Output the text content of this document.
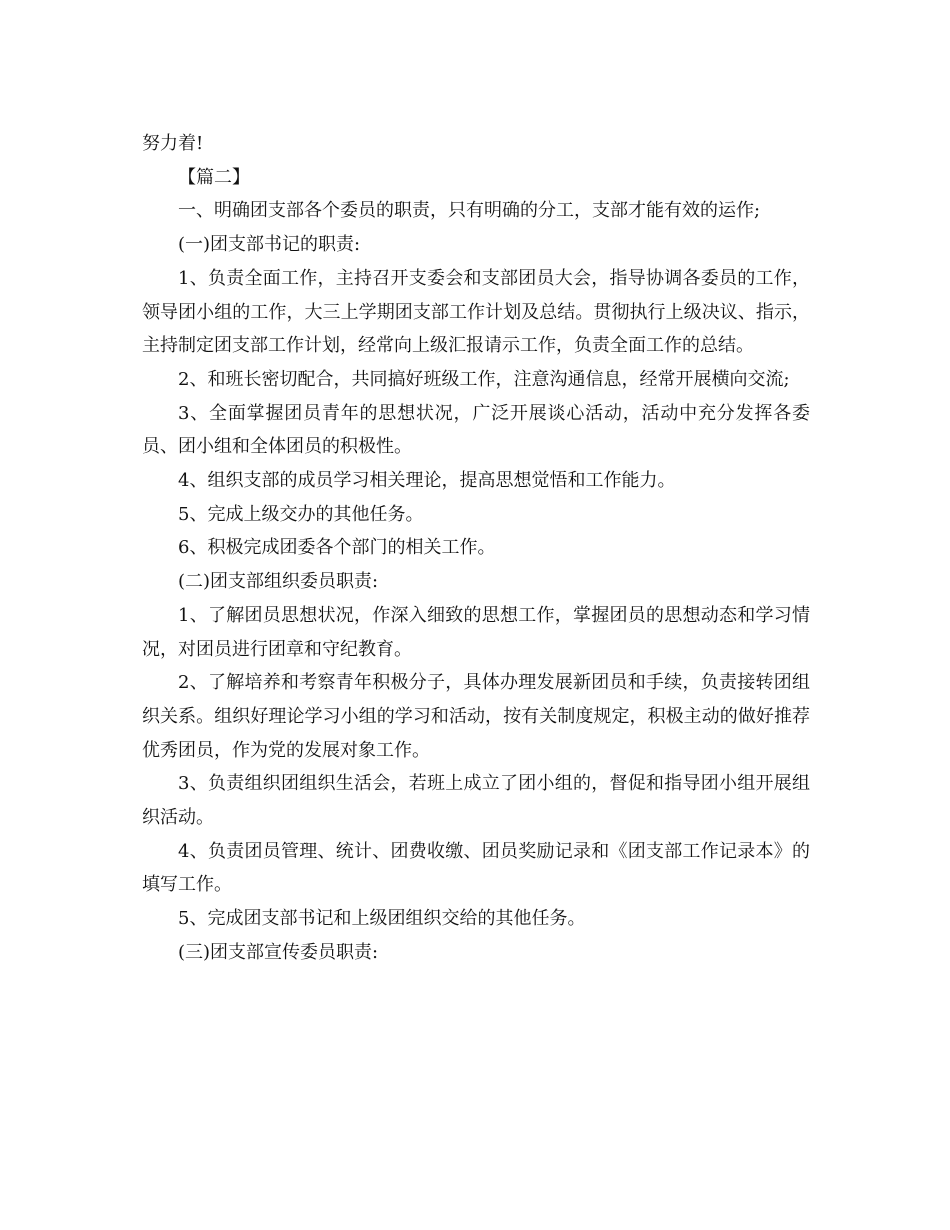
努力着!

【篇二】

一、明确团支部各个委员的职责，只有明确的分工，支部才能有效的运作;

(一)团支部书记的职责:

1、负责全面工作，主持召开支委会和支部团员大会，指导协调各委员的工作，领导团小组的工作，大三上学期团支部工作计划及总结。贯彻执行上级决议、指示，主持制定团支部工作计划，经常向上级汇报请示工作，负责全面工作的总结。

2、和班长密切配合，共同搞好班级工作，注意沟通信息，经常开展横向交流;

3、全面掌握团员青年的思想状况，广泛开展谈心活动，活动中充分发挥各委员、团小组和全体团员的积极性。

4、组织支部的成员学习相关理论，提高思想觉悟和工作能力。

5、完成上级交办的其他任务。

6、积极完成团委各个部门的相关工作。

(二)团支部组织委员职责:

1、了解团员思想状况，作深入细致的思想工作，掌握团员的思想动态和学习情况，对团员进行团章和守纪教育。

2、了解培养和考察青年积极分子，具体办理发展新团员和手续，负责接转团组织关系。组织好理论学习小组的学习和活动，按有关制度规定，积极主动的做好推荐优秀团员，作为党的发展对象工作。

3、负责组织团组织生活会，若班上成立了团小组的，督促和指导团小组开展组织活动。

4、负责团员管理、统计、团费收缴、团员奖励记录和《团支部工作记录本》的填写工作。

5、完成团支部书记和上级团组织交给的其他任务。

(三)团支部宣传委员职责:
